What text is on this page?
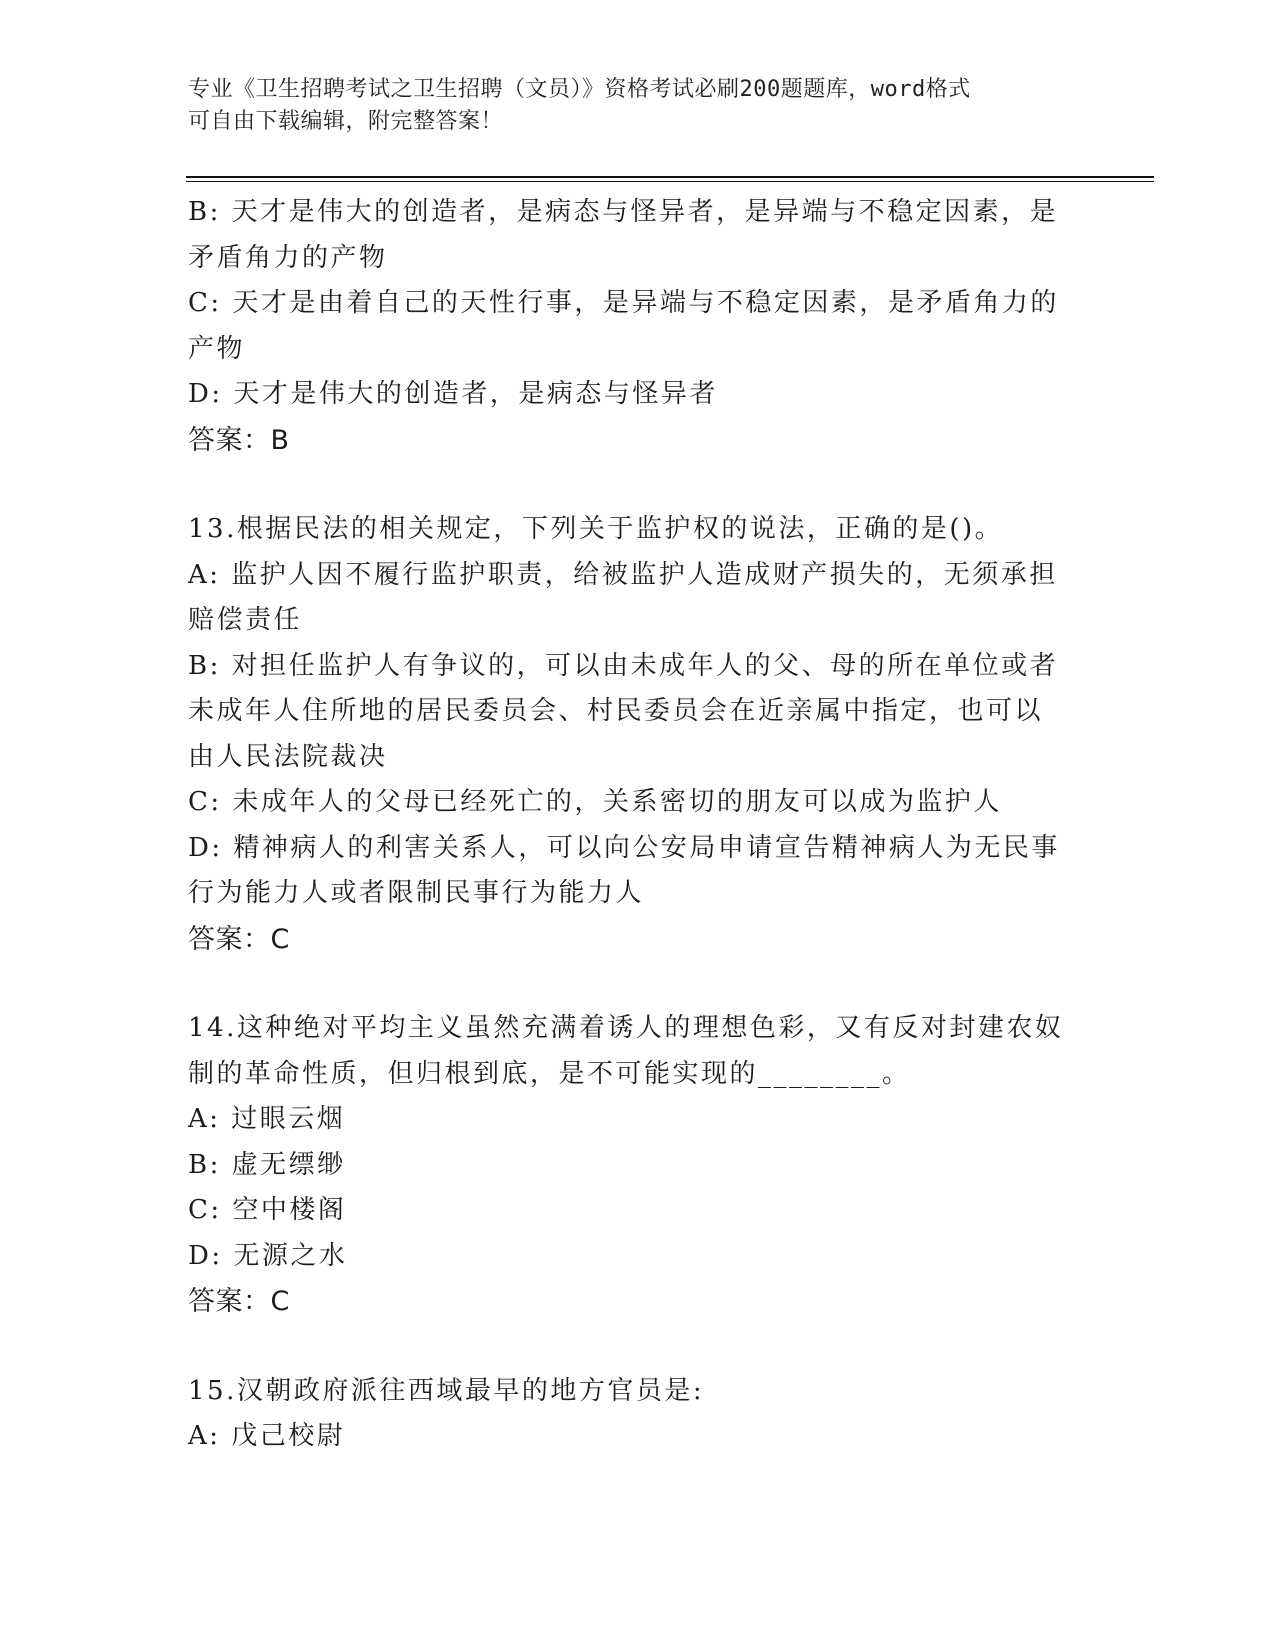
专业《卫生招聘考试之卫生招聘（文员）》资格考试必刷200题题库，word格式
可自由下载编辑，附完整答案！
B: 天才是伟大的创造者，是病态与怪异者，是异端与不稳定因素，是
矛盾角力的产物
C: 天才是由着自己的天性行事，是异端与不稳定因素，是矛盾角力的
产物
D: 天才是伟大的创造者，是病态与怪异者
答案：B
13.根据民法的相关规定，下列关于监护权的说法，正确的是()。
A: 监护人因不履行监护职责，给被监护人造成财产损失的，无须承担
赔偿责任
B: 对担任监护人有争议的，可以由未成年人的父、母的所在单位或者
未成年人住所地的居民委员会、村民委员会在近亲属中指定，也可以
由人民法院裁决
C: 未成年人的父母已经死亡的，关系密切的朋友可以成为监护人
D: 精神病人的利害关系人，可以向公安局申请宣告精神病人为无民事
行为能力人或者限制民事行为能力人
答案：C
14.这种绝对平均主义虽然充满着诱人的理想色彩，又有反对封建农奴
制的革命性质，但归根到底，是不可能实现的________。
A: 过眼云烟
B: 虚无缥缈
C: 空中楼阁
D: 无源之水
答案：C
15.汉朝政府派往西域最早的地方官员是:
A: 戊己校尉
